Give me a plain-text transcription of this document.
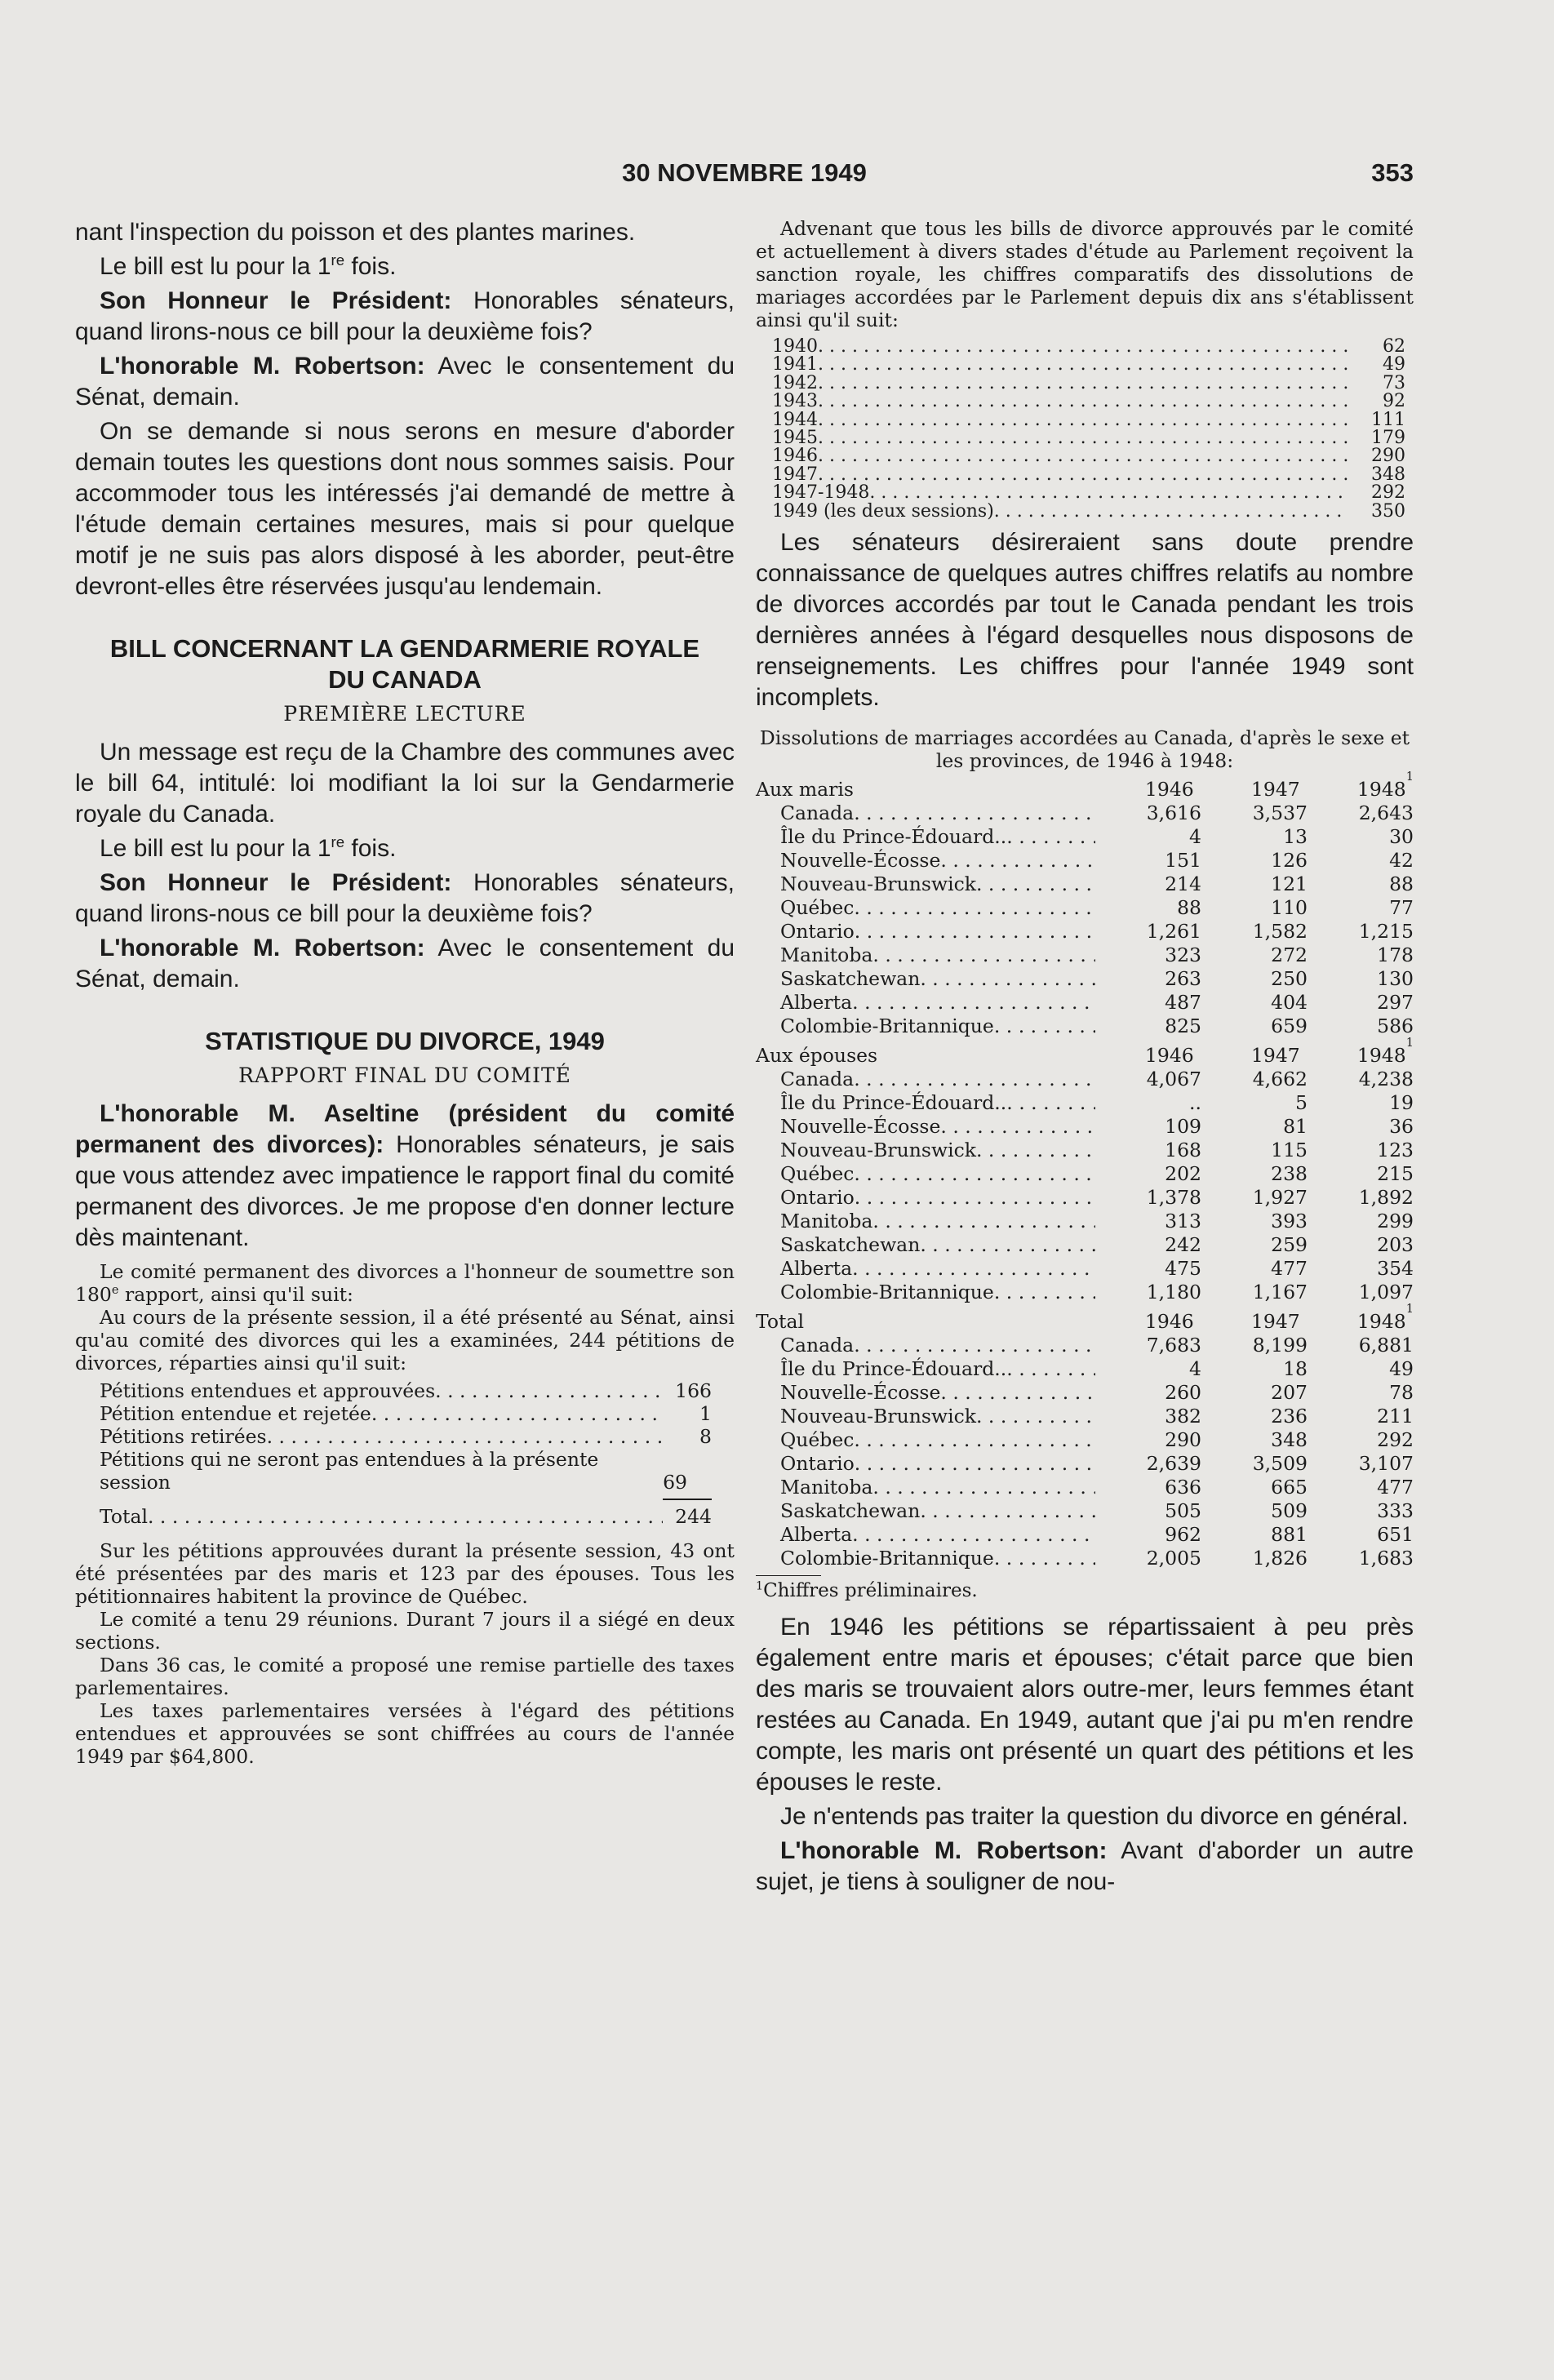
30 NOVEMBRE 1949	353

nant l'inspection du poisson et des plantes marines.

Le bill est lu pour la 1re fois.

Son Honneur le Président: Honorables sénateurs, quand lirons-nous ce bill pour la deuxième fois?

L'honorable M. Robertson: Avec le consentement du Sénat, demain.

On se demande si nous serons en mesure d'aborder demain toutes les questions dont nous sommes saisis. Pour accommoder tous les intéressés j'ai demandé de mettre à l'étude demain certaines mesures, mais si pour quelque motif je ne suis pas alors disposé à les aborder, peut-être devront-elles être réservées jusqu'au lendemain.

BILL CONCERNANT LA GENDARMERIE ROYALE DU CANADA
PREMIÈRE LECTURE

Un message est reçu de la Chambre des communes avec le bill 64, intitulé: loi modifiant la loi sur la Gendarmerie royale du Canada.

Le bill est lu pour la 1re fois.

Son Honneur le Président: Honorables sénateurs, quand lirons-nous ce bill pour la deuxième fois?

L'honorable M. Robertson: Avec le consentement du Sénat, demain.

STATISTIQUE DU DIVORCE, 1949
RAPPORT FINAL DU COMITÉ

L'honorable M. Aseltine (président du comité permanent des divorces): Honorables sénateurs, je sais que vous attendez avec impatience le rapport final du comité permanent des divorces. Je me propose d'en donner lecture dès maintenant.

Le comité permanent des divorces a l'honneur de soumettre son 180e rapport, ainsi qu'il suit:

Au cours de la présente session, il a été présenté au Sénat, ainsi qu'au comité des divorces qui les a examinées, 244 pétitions de divorces, réparties ainsi qu'il suit:

Pétitions entendues et approuvées . . .	166
Pétition entendue et rejetée . . .	1
Pétitions retirées . . .	8
Pétitions qui ne seront pas entendues à la présente session	69
Total . . .	244

Sur les pétitions approuvées durant la présente session, 43 ont été présentées par des maris et 123 par des épouses. Tous les pétitionnaires habitent la province de Québec.

Le comité a tenu 29 réunions. Durant 7 jours il a siégé en deux sections.

Dans 36 cas, le comité a proposé une remise partielle des taxes parlementaires.

Les taxes parlementaires versées à l'égard des pétitions entendues et approuvées se sont chiffrées au cours de l'année 1949 par $64,800.

Advenant que tous les bills de divorce approuvés par le comité et actuellement à divers stades d'étude au Parlement reçoivent la sanction royale, les chiffres comparatifs des dissolutions de mariages accordées par le Parlement depuis dix ans s'établissent ainsi qu'il suit:

1940 . . .	62
1941 . . .	49
1942 . . .	73
1943 . . .	92
1944 . . .	111
1945 . . .	179
1946 . . .	290
1947 . . .	348
1947-1948 . . .	292
1949 (les deux sessions) . . .	350

Les sénateurs désireraient sans doute prendre connaissance de quelques autres chiffres relatifs au nombre de divorces accordés par tout le Canada pendant les trois dernières années à l'égard desquelles nous disposons de renseignements. Les chiffres pour l'année 1949 sont incomplets.

Dissolutions de marriages accordées au Canada, d'après le sexe et les provinces, de 1946 à 1948:

Aux maris	1946	1947	1948
1
Canada . . .	3,616	3,537	2,643
Île du Prince-Édouard.. . . .	4	13	30
Nouvelle-Écosse . . .	151	126	42
Nouveau-Brunswick . . .	214	121	88
Québec . . .	88	110	77
Ontario . . .	1,261	1,582	1,215
Manitoba . . .	323	272	178
Saskatchewan . . .	263	250	130
Alberta . . .	487	404	297
Colombie-Britannique . . .	825	659	586
Aux épouses	1946	1947	1948
1
Canada . . .	4,067	4,662	4,238
Île du Prince-Édouard.. . . .	..	5	19
Nouvelle-Écosse . . .	109	81	36
Nouveau-Brunswick . . .	168	115	123
Québec . . .	202	238	215
Ontario . . .	1,378	1,927	1,892
Manitoba . . .	313	393	299
Saskatchewan . . .	242	259	203
Alberta . . .	475	477	354
Colombie-Britannique . . .	1,180	1,167	1,097
Total	1946	1947	1948
1
Canada . . .	7,683	8,199	6,881
Île du Prince-Édouard.. . . .	4	18	49
Nouvelle-Écosse . . .	260	207	78
Nouveau-Brunswick . . .	382	236	211
Québec . . .	290	348	292
Ontario . . .	2,639	3,509	3,107
Manitoba . . .	636	665	477
Saskatchewan . . .	505	509	333
Alberta . . .	962	881	651
Colombie-Britannique . . .	2,005	1,826	1,683
$^1$Chiffres préliminaires.

En 1946 les pétitions se répartissaient à peu près également entre maris et épouses; c'était parce que bien des maris se trouvaient alors outre-mer, leurs femmes étant restées au Canada. En 1949, autant que j'ai pu m'en rendre compte, les maris ont présenté un quart des pétitions et les épouses le reste.

Je n'entends pas traiter la question du divorce en général.

L'honorable M. Robertson: Avant d'aborder un autre sujet, je tiens à souligner de nou-
